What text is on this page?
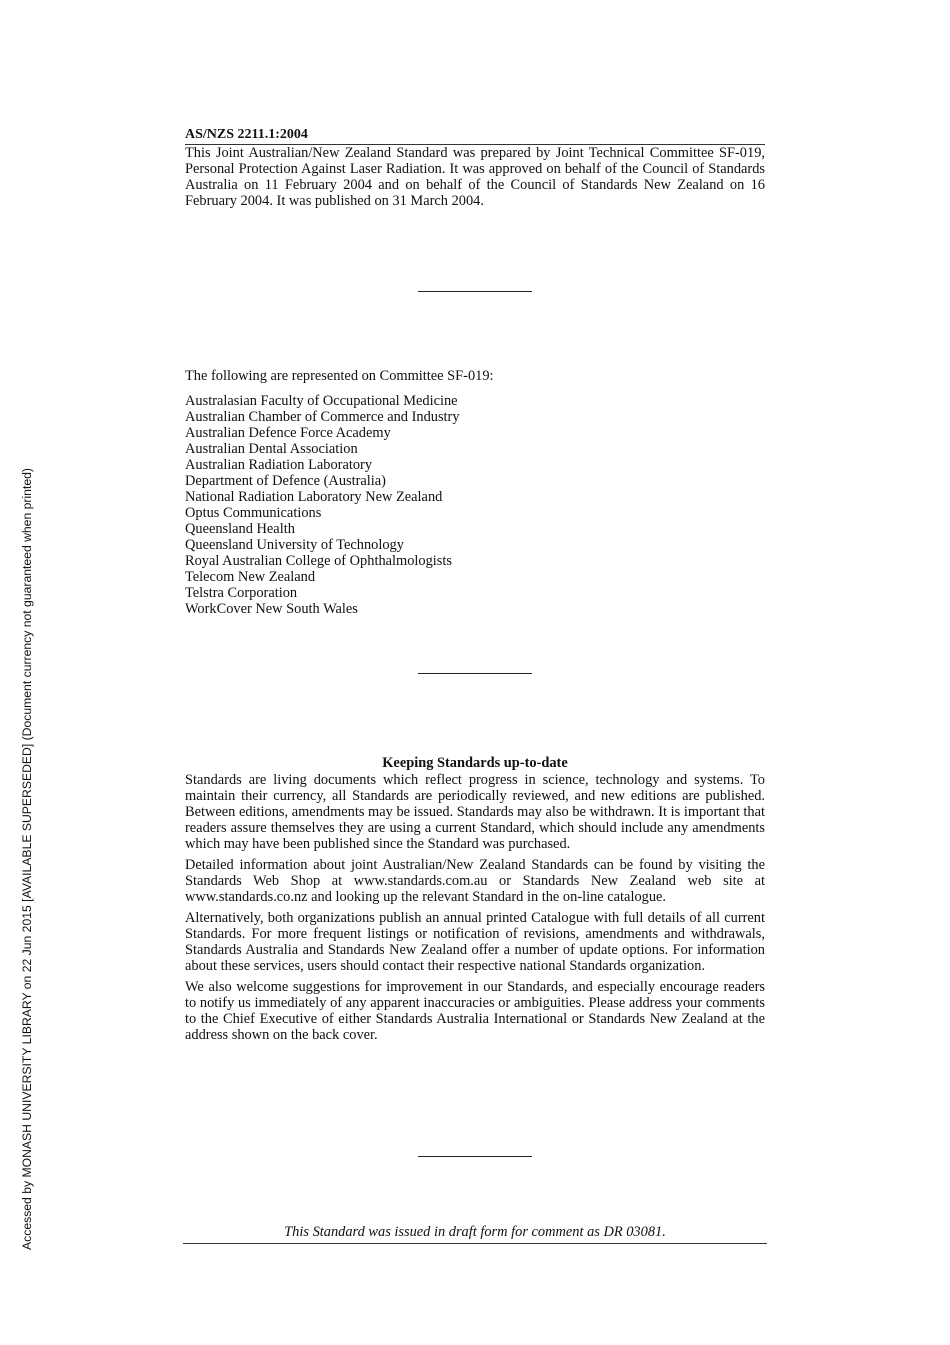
Accessed by MONASH UNIVERSITY LIBRARY on 22 Jun 2015 [AVAILABLE SUPERSEDED] (Document currency not guaranteed when printed)
AS/NZS 2211.1:2004

This Joint Australian/New Zealand Standard was prepared by Joint Technical Committee SF-019, Personal Protection Against Laser Radiation. It was approved on behalf of the Council of Standards Australia on 11 February 2004 and on behalf of the Council of Standards New Zealand on 16 February 2004. It was published on 31 March 2004.

The following are represented on Committee SF-019:
Australasian Faculty of Occupational Medicine
Australian Chamber of Commerce and Industry
Australian Defence Force Academy
Australian Dental Association
Australian Radiation Laboratory
Department of Defence (Australia)
National Radiation Laboratory New Zealand
Optus Communications
Queensland Health
Queensland University of Technology
Royal Australian College of Ophthalmologists
Telecom New Zealand
Telstra Corporation
WorkCover New South Wales
Keeping Standards up-to-date

Standards are living documents which reflect progress in science, technology and systems. To maintain their currency, all Standards are periodically reviewed, and new editions are published. Between editions, amendments may be issued. Standards may also be withdrawn. It is important that readers assure themselves they are using a current Standard, which should include any amendments which may have been published since the Standard was purchased.

Detailed information about joint Australian/New Zealand Standards can be found by visiting the Standards Web Shop at www.standards.com.au or Standards New Zealand web site at www.standards.co.nz and looking up the relevant Standard in the on-line catalogue.

Alternatively, both organizations publish an annual printed Catalogue with full details of all current Standards. For more frequent listings or notification of revisions, amendments and withdrawals, Standards Australia and Standards New Zealand offer a number of update options. For information about these services, users should contact their respective national Standards organization.

We also welcome suggestions for improvement in our Standards, and especially encourage readers to notify us immediately of any apparent inaccuracies or ambiguities. Please address your comments to the Chief Executive of either Standards Australia International or Standards New Zealand at the address shown on the back cover.

This Standard was issued in draft form for comment as DR 03081.
